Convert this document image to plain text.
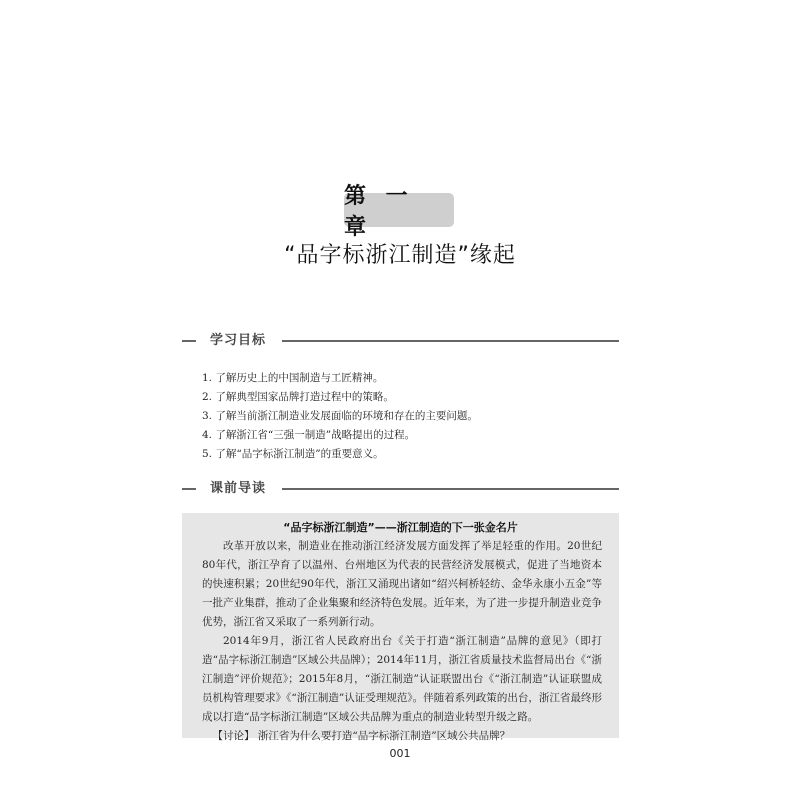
第 一 章
“品字标浙江制造”缘起
学习目标
1. 了解历史上的中国制造与工匠精神。
2. 了解典型国家品牌打造过程中的策略。
3. 了解当前浙江制造业发展面临的环境和存在的主要问题。
4. 了解浙江省“三强一制造”战略提出的过程。
5. 了解“品字标浙江制造”的重要意义。
课前导读
“品字标浙江制造”——浙江制造的下一张金名片

改革开放以来，制造业在推动浙江经济发展方面发挥了举足轻重的作用。20世纪80年代，浙江孕育了以温州、台州地区为代表的民营经济发展模式，促进了当地资本的快速积累；20世纪90年代，浙江又涌现出诸如“绍兴柯桥轻纺、金华永康小五金”等一批产业集群，推动了企业集聚和经济特色发展。近年来，为了进一步提升制造业竞争优势，浙江省又采取了一系列新行动。

2014年9月，浙江省人民政府出台《关于打造“浙江制造”品牌的意见》（即打造“品字标浙江制造”区域公共品牌）；2014年11月，浙江省质量技术监督局出台《“浙江制造”评价规范》；2015年8月，“浙江制造”认证联盟出台《“浙江制造”认证联盟成员机构管理要求》《“浙江制造”认证受理规范》。伴随着系列政策的出台，浙江省最终形成以打造“品字标浙江制造”区域公共品牌为重点的制造业转型升级之路。

【讨论】 浙江省为什么要打造“品字标浙江制造”区域公共品牌？

001
